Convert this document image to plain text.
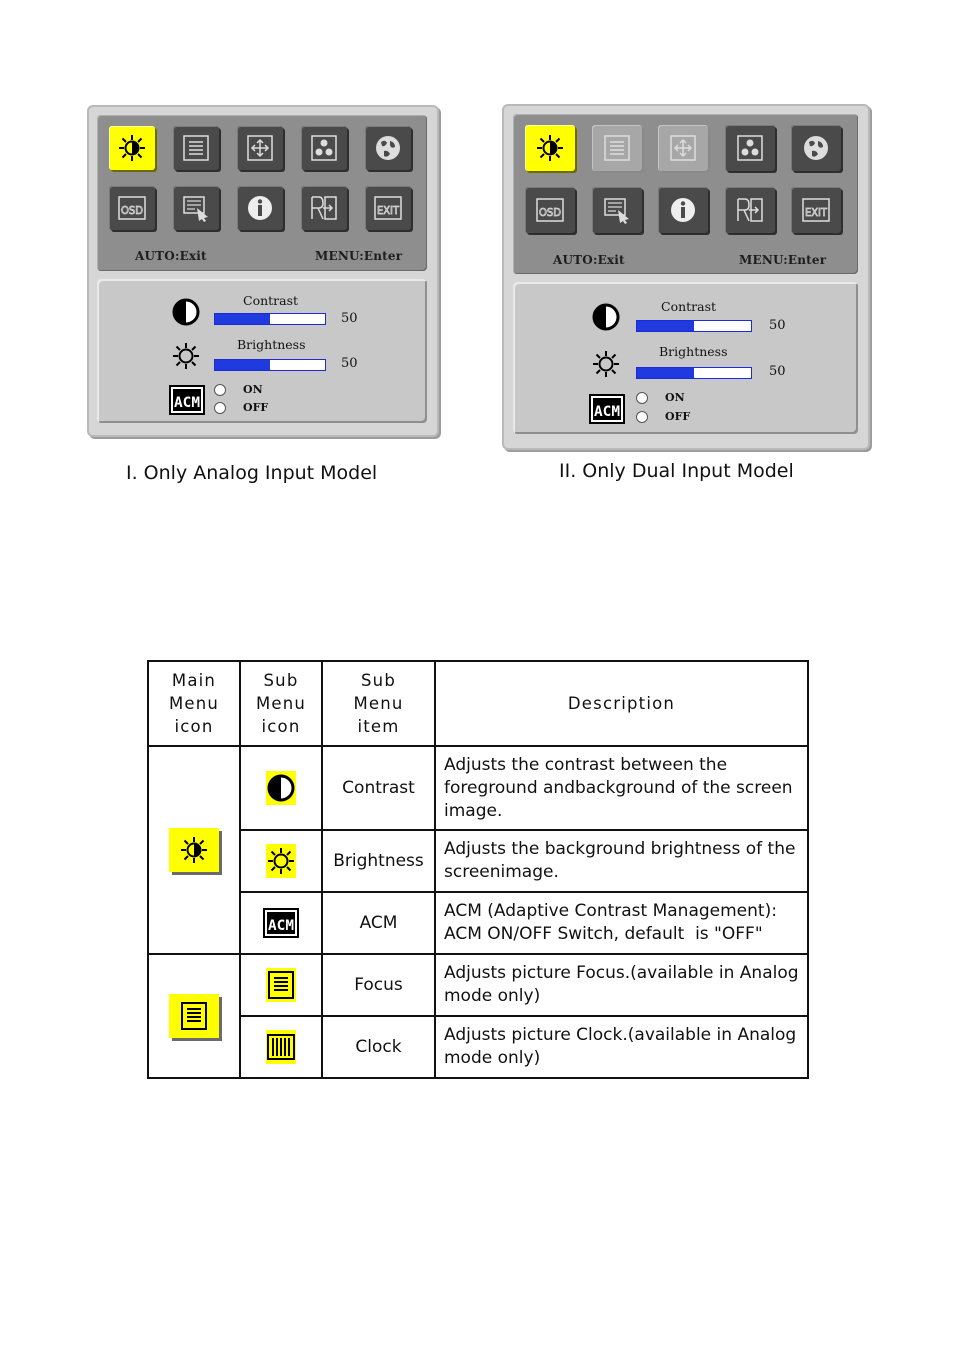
AUTO:Exit	MENU:Enter
Contrast
50
Brightness
50
ON
OFF
AUTO:Exit	MENU:Enter
Contrast
50
Brightness
50
ON
OFF
I. Only Analog Input Model	II. Only Dual Input Model
Main Menu icon	Sub Menu icon	Sub Menu item	Description

	Contrast	Adjusts the contrast between the foreground andbackground of the screen image.

	Brightness	Adjusts the background brightness of the screenimage.
	ACM	ACM (Adaptive Contrast Management): ACM ON/OFF Switch, default  is "OFF"

	Focus	Adjusts picture Focus.(available in Analog mode only)

	Clock	Adjusts picture Clock.(available in Analog mode only)
